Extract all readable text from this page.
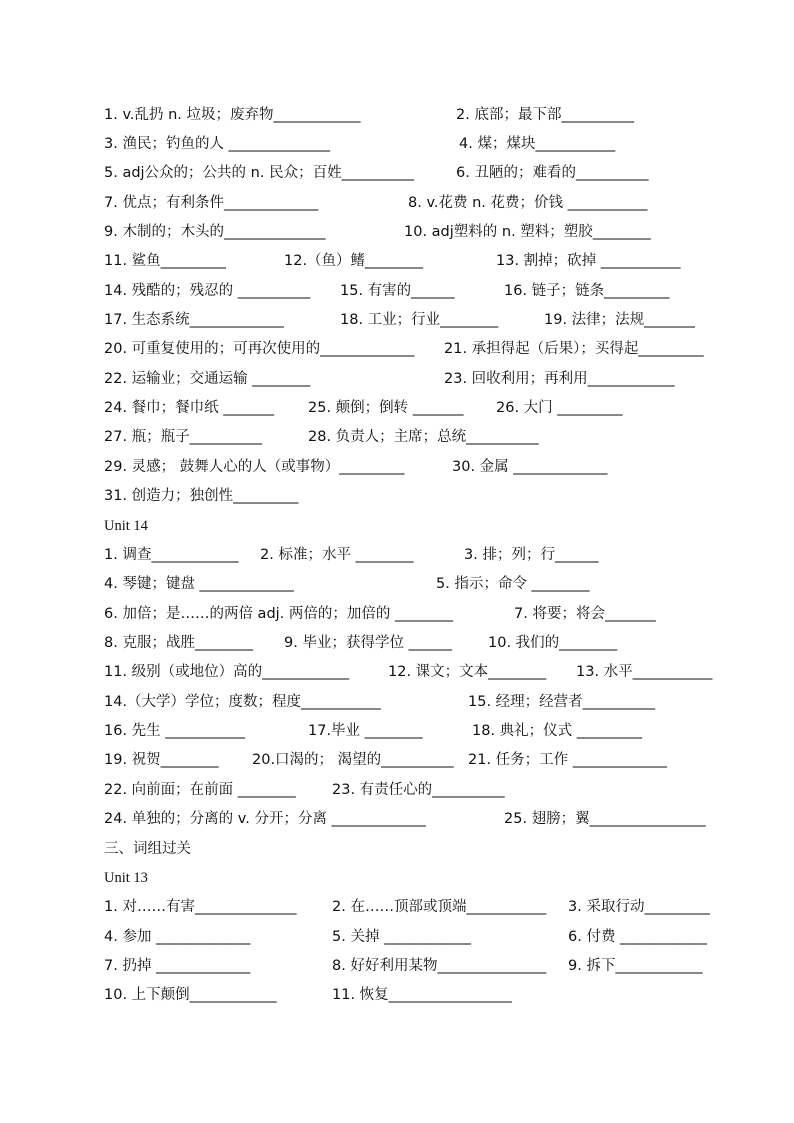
1. v.乱扔 n. 垃圾；废弃物____________	2. 底部；最下部__________
3. 渔民；钓鱼的人 ______________	4. 煤；煤块___________
5. adj公众的；公共的 n. 民众；百姓__________	6. 丑陋的；难看的__________
7. 优点；有利条件_____________	8. v.花费 n. 花费；价钱 ___________
9. 木制的；木头的______________	10. adj塑料的 n. 塑料；塑胶________
11. 鲨鱼_________	12.（鱼）鳍________	13. 割掉；砍掉 ___________
14. 残酷的；残忍的 __________ 15. 有害的______	16. 链子；链条_________
17. 生态系统_____________	18. 工业；行业________	19. 法律；法规_______
20. 可重复使用的；可再次使用的_____________ 21. 承担得起（后果）；买得起_________
22. 运输业；交通运输 ________	23. 回收利用；再利用____________
24. 餐巾；餐巾纸 _______ 25. 颠倒；倒转 _______ 26. 大门 _________
27. 瓶；瓶子__________	28. 负责人；主席；总统__________
29. 灵感； 鼓舞人心的人（或事物）_________	30. 金属 _____________
31. 创造力；独创性_________
Unit 14
1. 调查____________ 2. 标准；水平 ________	3. 排；列；行______
4. 琴键；键盘 _____________	5. 指示；命令 ________
6. 加倍；是……的两倍 adj. 两倍的；加倍的 ________	7. 将要；将会_______
8. 克服；战胜________ 9. 毕业；获得学位 ______ 10. 我们的________
11. 级别（或地位）高的____________	12. 课文；文本________ 13. 水平___________
14.（大学）学位；度数；程度___________	15. 经理；经营者__________
16. 先生 ___________	17.毕业 ________	18. 典礼；仪式 _________
19. 祝贺________ 20.口渴的； 渴望的__________ 21. 任务；工作 _____________
22. 向前面；在前面 ________ 23. 有责任心的__________
24. 单独的；分离的 v. 分开；分离 _____________	25. 翅膀；翼________________
三、词组过关
Unit 13
1. 对……有害______________ 2. 在……顶部或顶端___________ 3. 采取行动_________
4. 参加 _____________	5. 关掉 ____________	6. 付费 ____________
7. 扔掉 _____________	8. 好好利用某物_______________ 9. 拆下____________
10. 上下颠倒____________	11. 恢复_________________
